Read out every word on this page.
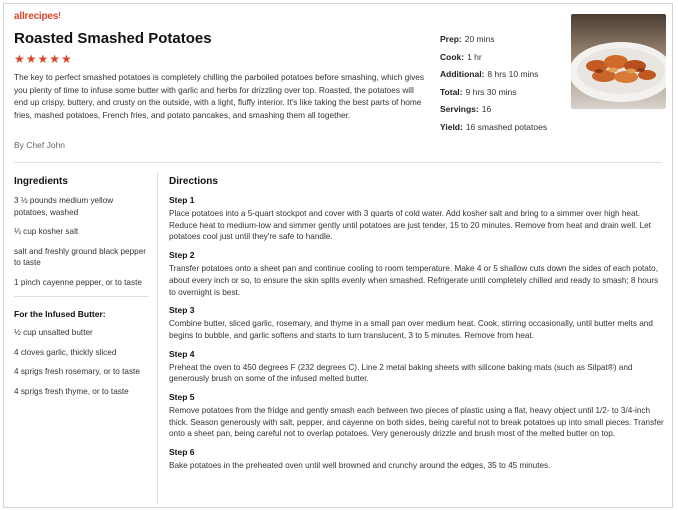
allrecipes!
Roasted Smashed Potatoes
★★★★★

The key to perfect smashed potatoes is completely chilling the parboiled potatoes before smashing, which gives you plenty of time to infuse some butter with garlic and herbs for drizzling over top. Roasted, the potatoes will end up crispy, buttery, and crusty on the outside, with a light, fluffy interior. It's like taking the best parts of home fries, mashed potatoes, French fries, and potato pancakes, and smashing them all together.

By Chef John
Prep: 20 mins
Cook: 1 hr
Additional: 8 hrs 10 mins
Total: 9 hrs 30 mins
Servings: 16
Yield: 16 smashed potatoes
Ingredients
3 ½ pounds medium yellow potatoes, washed
⅓ cup kosher salt
salt and freshly ground black pepper to taste
1 pinch cayenne pepper, or to taste
For the Infused Butter:
½ cup unsalted butter
4 cloves garlic, thickly sliced
4 sprigs fresh rosemary, or to taste
4 sprigs fresh thyme, or to taste
Directions
Step 1

Place potatoes into a 5-quart stockpot and cover with 3 quarts of cold water. Add kosher salt and bring to a simmer over high heat. Reduce heat to medium-low and simmer gently until potatoes are just tender, 15 to 20 minutes. Remove from heat and drain well. Let potatoes cool just until they're safe to handle.

Step 2

Transfer potatoes onto a sheet pan and continue cooling to room temperature. Make 4 or 5 shallow cuts down the sides of each potato, about every inch or so, to ensure the skin splits evenly when smashed. Refrigerate until completely chilled and ready to smash; 8 hours to overnight is best.

Step 3

Combine butter, sliced garlic, rosemary, and thyme in a small pan over medium heat. Cook, stirring occasionally, until butter melts and begins to bubble, and garlic softens and starts to turn translucent, 3 to 5 minutes. Remove from heat.

Step 4

Preheat the oven to 450 degrees F (232 degrees C). Line 2 metal baking sheets with silicone baking mats (such as Silpat®) and generously brush on some of the infused melted butter.

Step 5

Remove potatoes from the fridge and gently smash each between two pieces of plastic using a flat, heavy object until 1/2- to 3/4-inch thick. Season generously with salt, pepper, and cayenne on both sides, being careful not to break potatoes up into small pieces. Transfer onto a sheet pan, being careful not to overlap potatoes. Very generously drizzle and brush most of the melted butter on top.

Step 6

Bake potatoes in the preheated oven until well browned and crunchy around the edges, 35 to 45 minutes.
